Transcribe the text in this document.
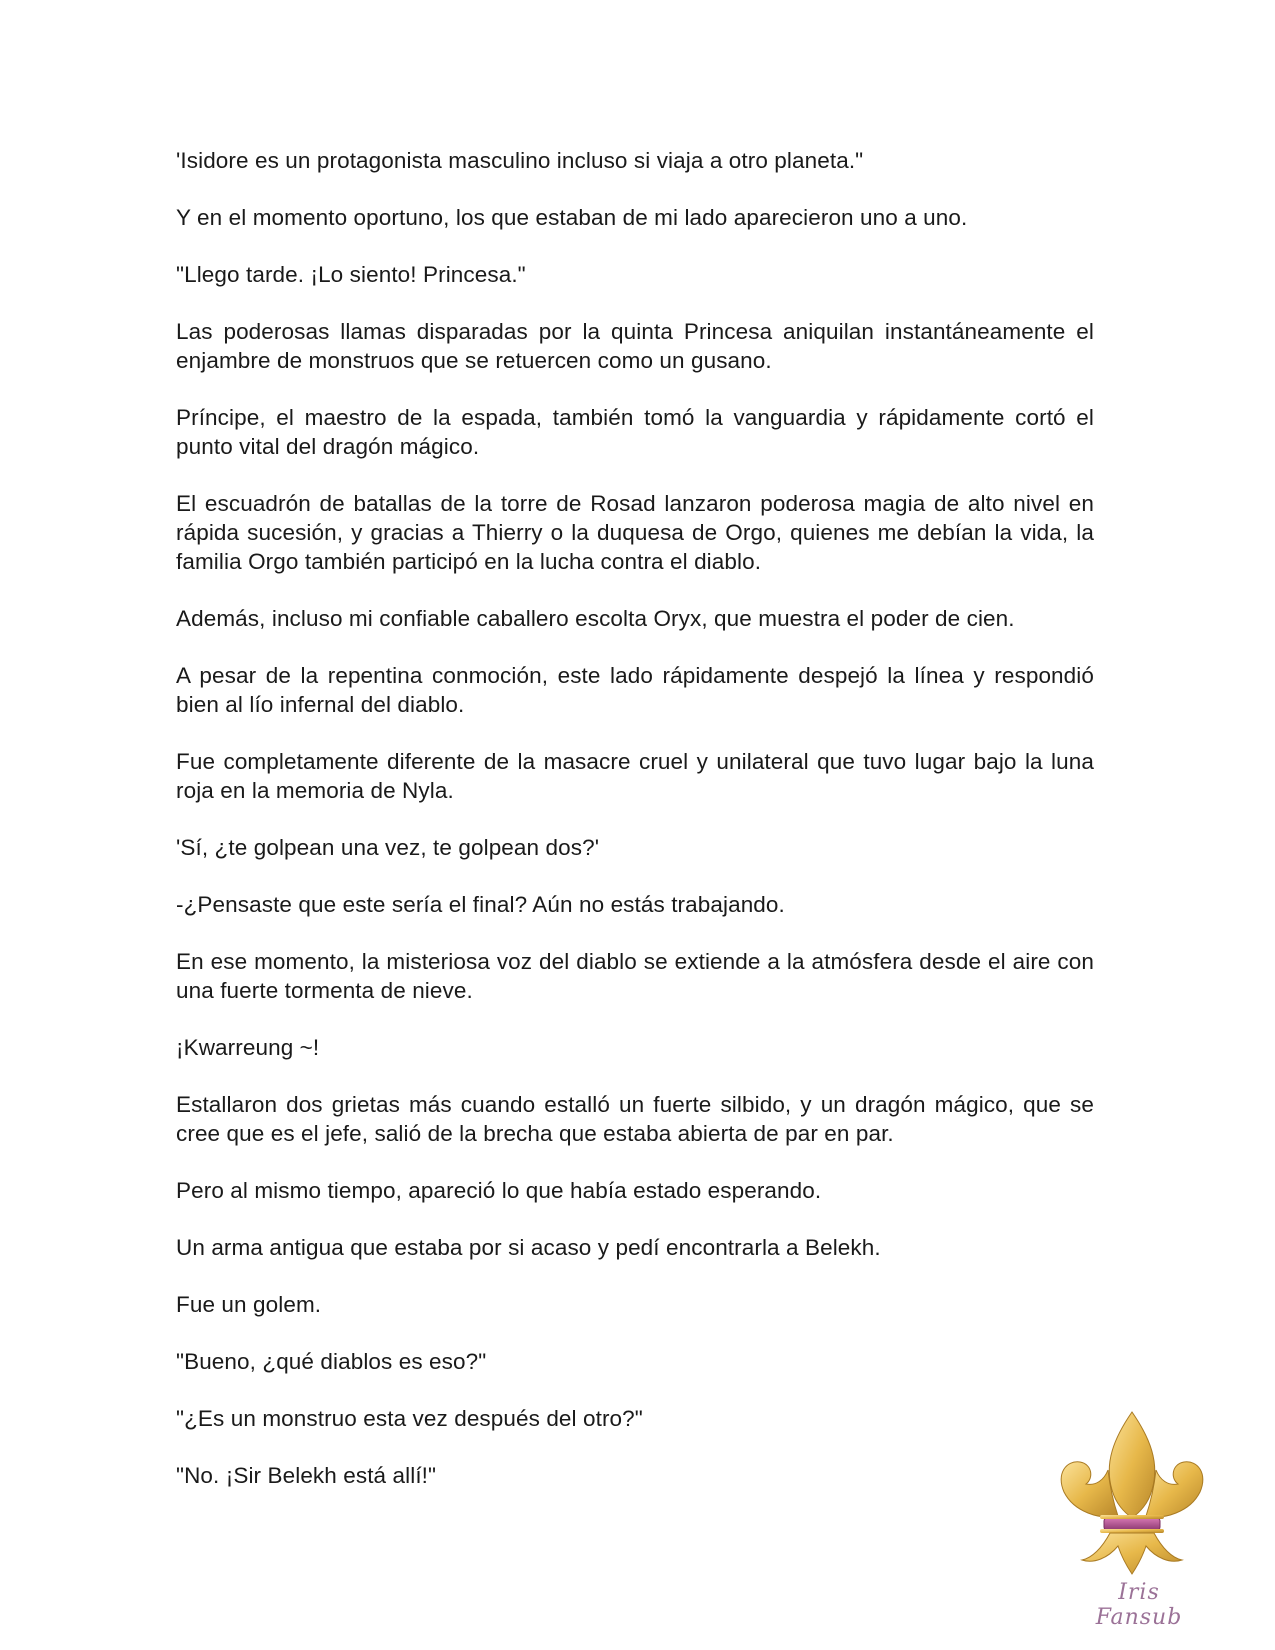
'Isidore es un protagonista masculino incluso si viaja a otro planeta."

Y en el momento oportuno, los que estaban de mi lado aparecieron uno a uno.

"Llego tarde. ¡Lo siento! Princesa."

Las poderosas llamas disparadas por la quinta Princesa aniquilan instantáneamente el enjambre de monstruos que se retuercen como un gusano.

Príncipe, el maestro de la espada, también tomó la vanguardia y rápidamente cortó el punto vital del dragón mágico.

El escuadrón de batallas de la torre de Rosad lanzaron poderosa magia de alto nivel en rápida sucesión, y gracias a Thierry o la duquesa de Orgo, quienes me debían la vida, la familia Orgo también participó en la lucha contra el diablo.

Además, incluso mi confiable caballero escolta Oryx, que muestra el poder de cien.

A pesar de la repentina conmoción, este lado rápidamente despejó la línea y respondió bien al lío infernal del diablo.

Fue completamente diferente de la masacre cruel y unilateral que tuvo lugar bajo la luna roja en la memoria de Nyla.

'Sí, ¿te golpean una vez, te golpean dos?'

-¿Pensaste que este sería el final? Aún no estás trabajando.

En ese momento, la misteriosa voz del diablo se extiende a la atmósfera desde el aire con una fuerte tormenta de nieve.

¡Kwarreung ~!

Estallaron dos grietas más cuando estalló un fuerte silbido, y un dragón mágico, que se cree que es el jefe, salió de la brecha que estaba abierta de par en par.

Pero al mismo tiempo, apareció lo que había estado esperando.

Un arma antigua que estaba por si acaso y pedí encontrarla a Belekh.

Fue un golem.

"Bueno, ¿qué diablos es eso?"

"¿Es un monstruo esta vez después del otro?"

"No. ¡Sir Belekh está allí!"

Iris Fansub
